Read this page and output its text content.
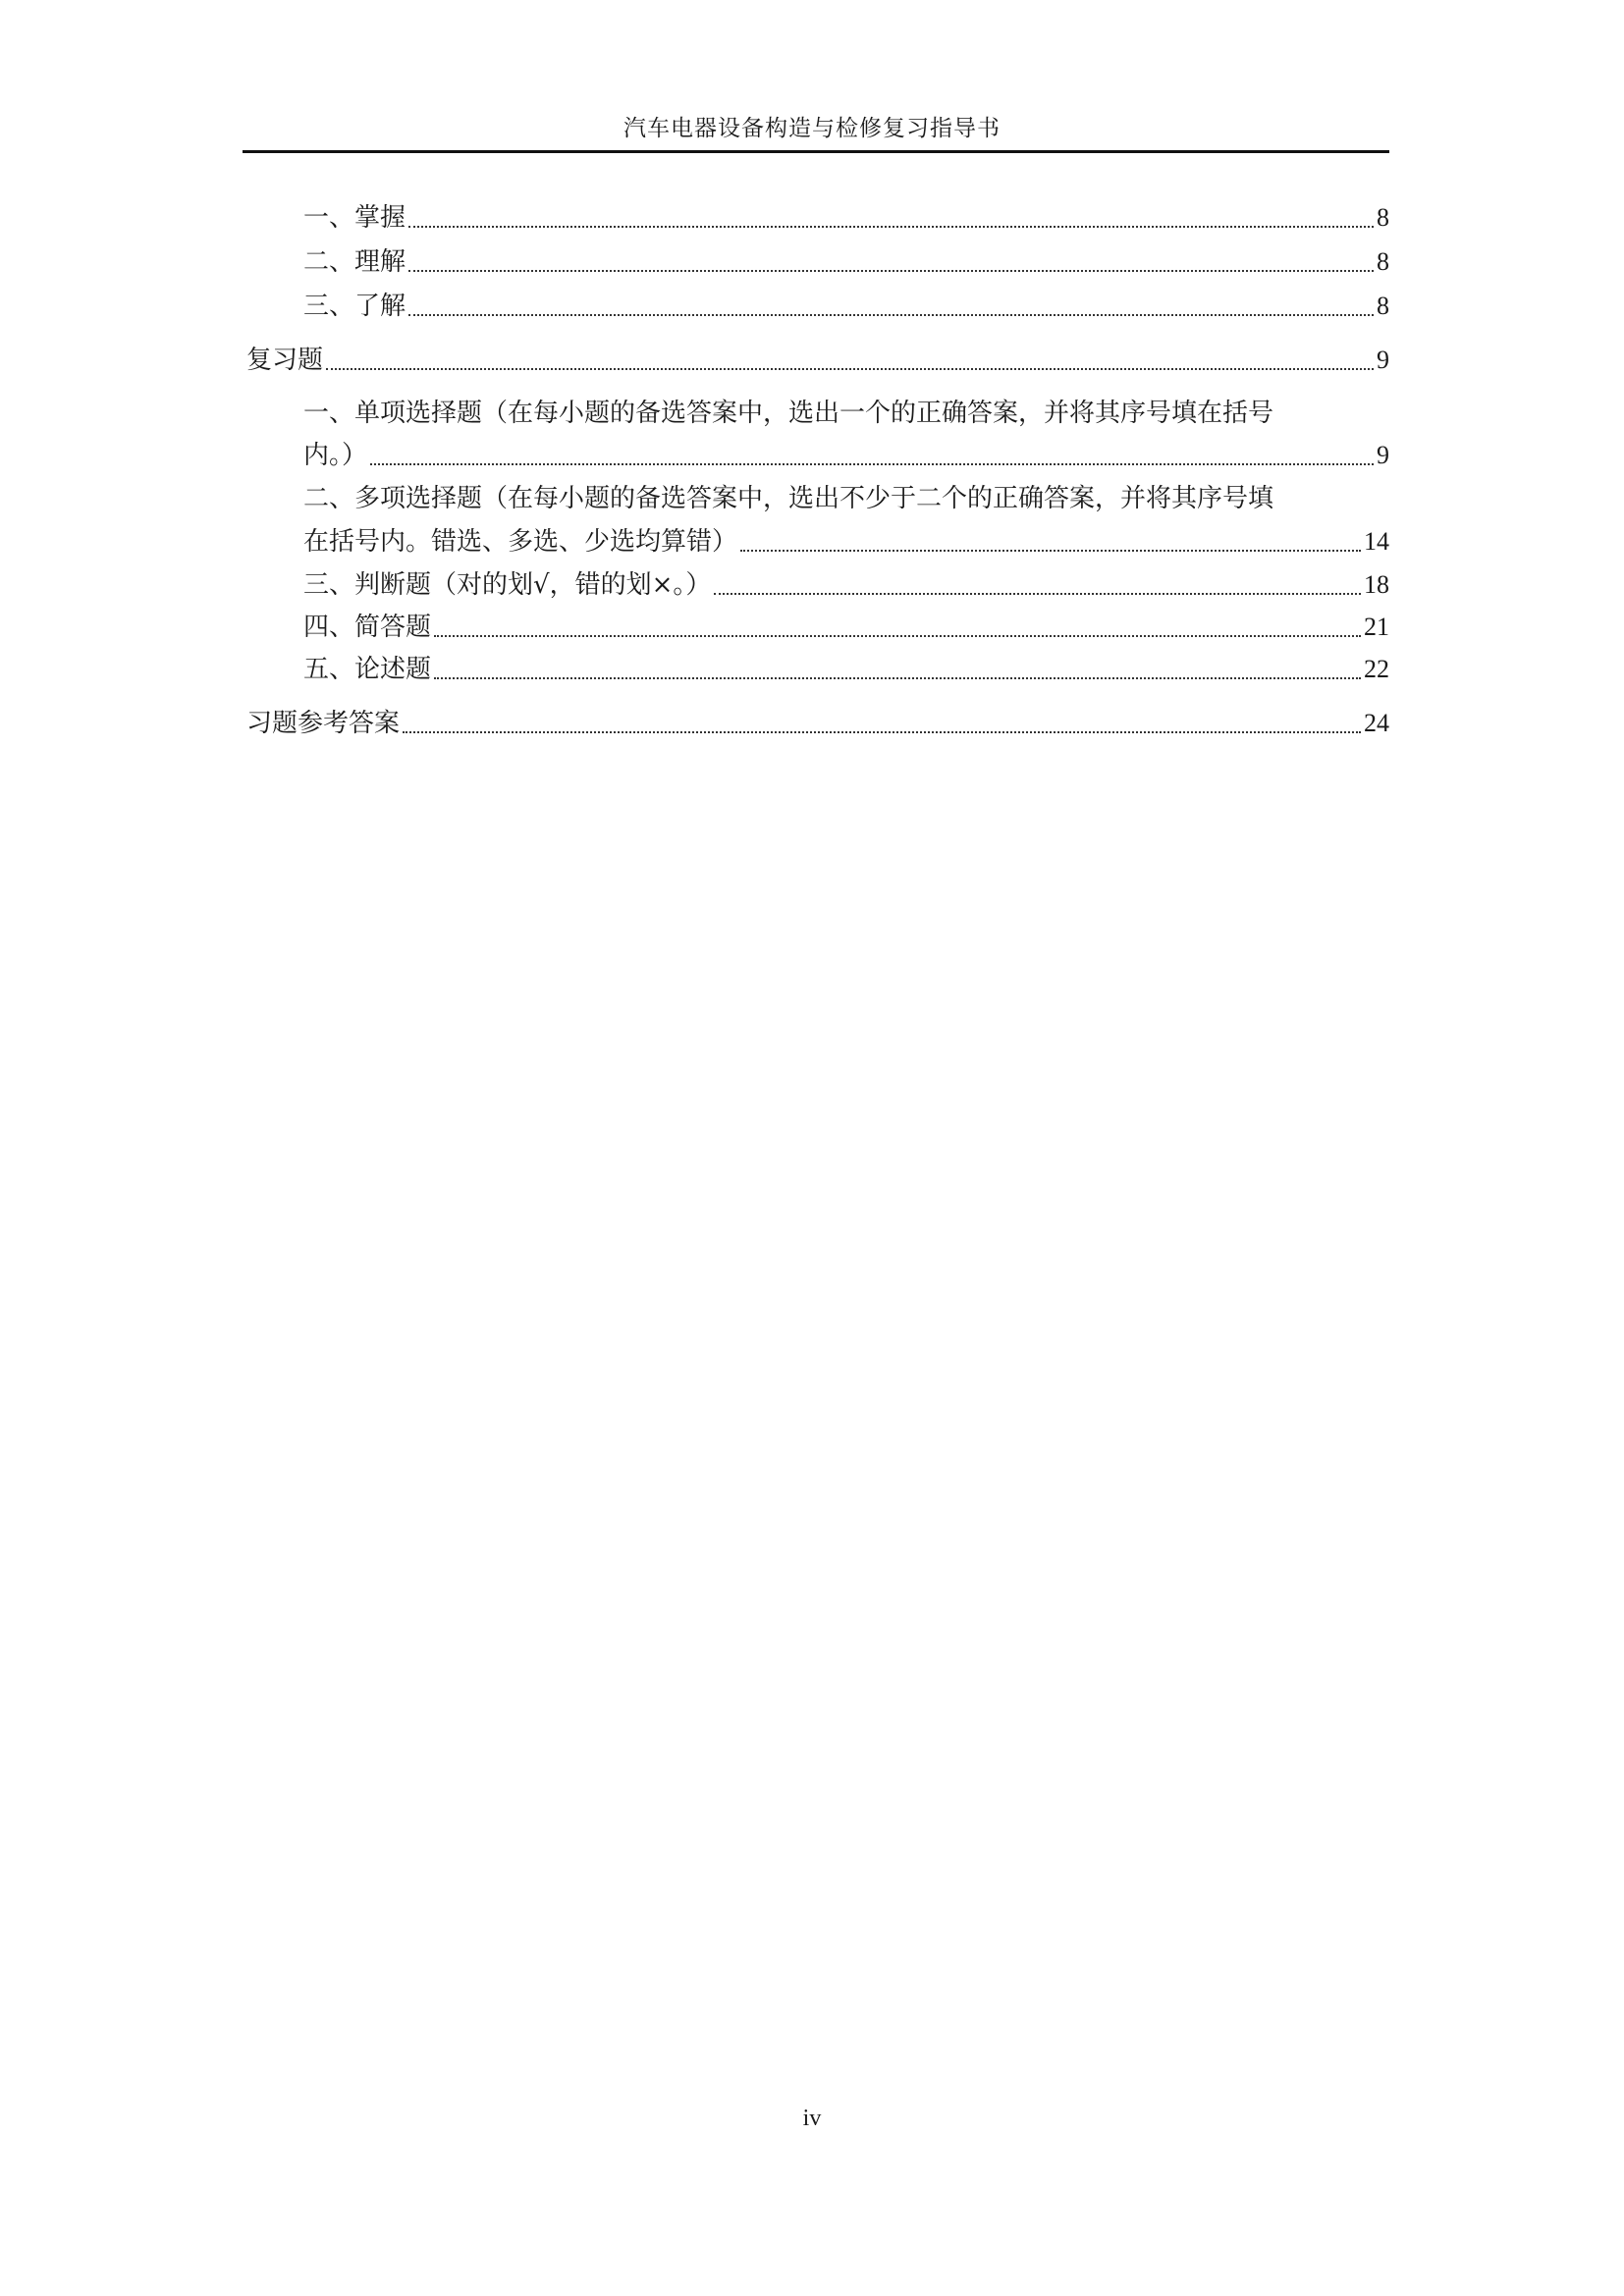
汽车电器设备构造与检修复习指导书
一、掌握	8
二、理解	8
三、了解	8
复习题	9
一、单项选择题（在每小题的备选答案中，选出一个的正确答案，并将其序号填在括号
内。）	9
二、多项选择题（在每小题的备选答案中，选出不少于二个的正确答案，并将其序号填
在括号内。错选、多选、少选均算错）	14
三、判断题（对的划√，错的划×。）	18
四、简答题	21
五、论述题	22
习题参考答案	24
iv
